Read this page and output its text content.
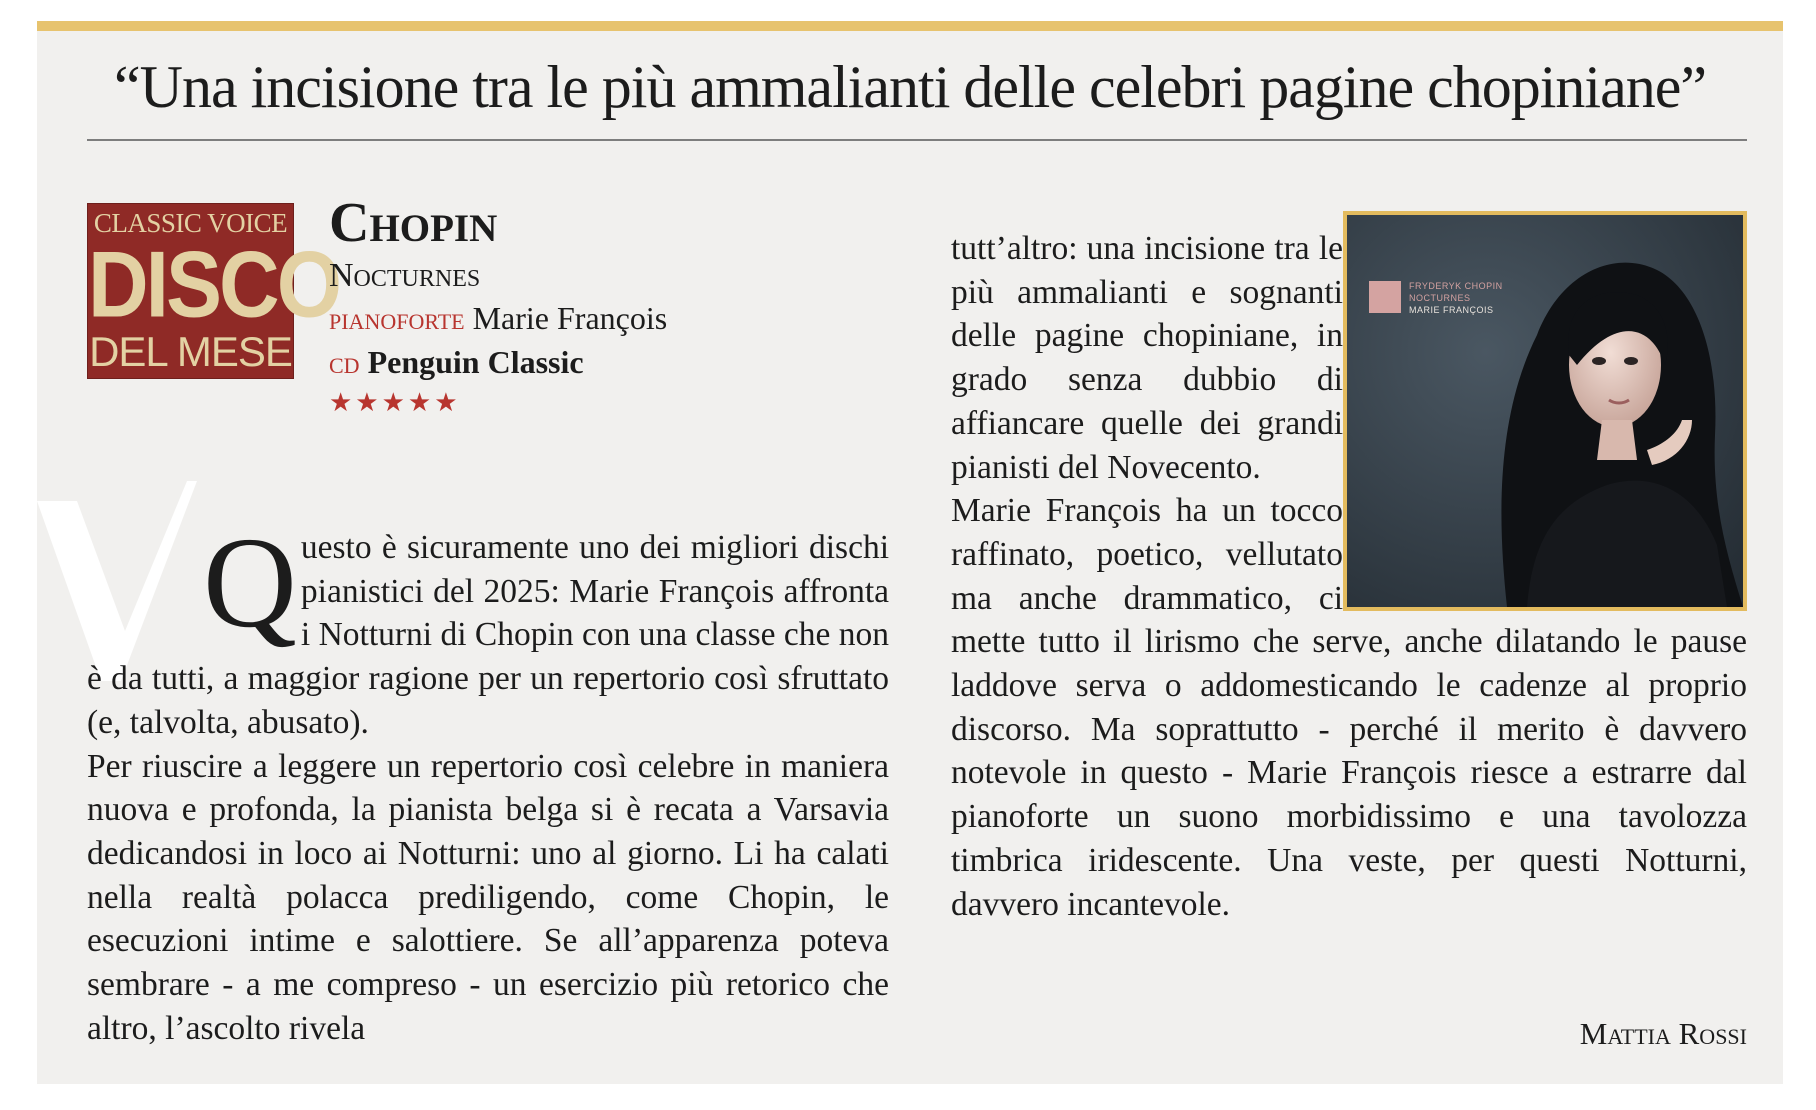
“Una incisione tra le più ammalianti delle celebri pagine chopiniane”
CLASSIC VOICE
DISCO
DEL MESE
Chopin
Nocturnes
pianoforte Marie François
cd Penguin Classic
★★★★★

Questo è sicuramente uno dei migliori dischi pianistici del 2025: Marie François affronta i Notturni di Chopin con una classe che non è da tutti, a maggior ragione per un repertorio così sfruttato (e, talvolta, abusato).

Per riuscire a leggere un repertorio così celebre in maniera nuova e profonda, la pianista belga si è recata a Varsavia dedicandosi in loco ai Notturni: uno al giorno. Li ha calati nella realtà polacca prediligendo, come Chopin, le esecuzioni intime e salottiere. Se all’apparenza poteva sembrare - a me compreso - un esercizio più retorico che altro, l’ascolto rivela

FRYDERYK CHOPIN
NOCTURNES
MARIE FRANÇOIS

tutt’altro: una incisione tra le più ammalianti e sognanti delle pagine chopiniane, in grado senza dubbio di affiancare quelle dei grandi pianisti del Novecento.

Marie François ha un tocco raffinato, poetico, vellutato ma anche drammatico, ci mette tutto il lirismo che serve, anche dilatando le pause laddove serva o addomesticando le cadenze al proprio discorso. Ma soprattutto - perché il merito è davvero notevole in questo - Marie François riesce a estrarre dal pianoforte un suono morbidissimo e una tavolozza timbrica iridescente. Una veste, per questi Notturni, davvero incantevole.

Mattia Rossi
